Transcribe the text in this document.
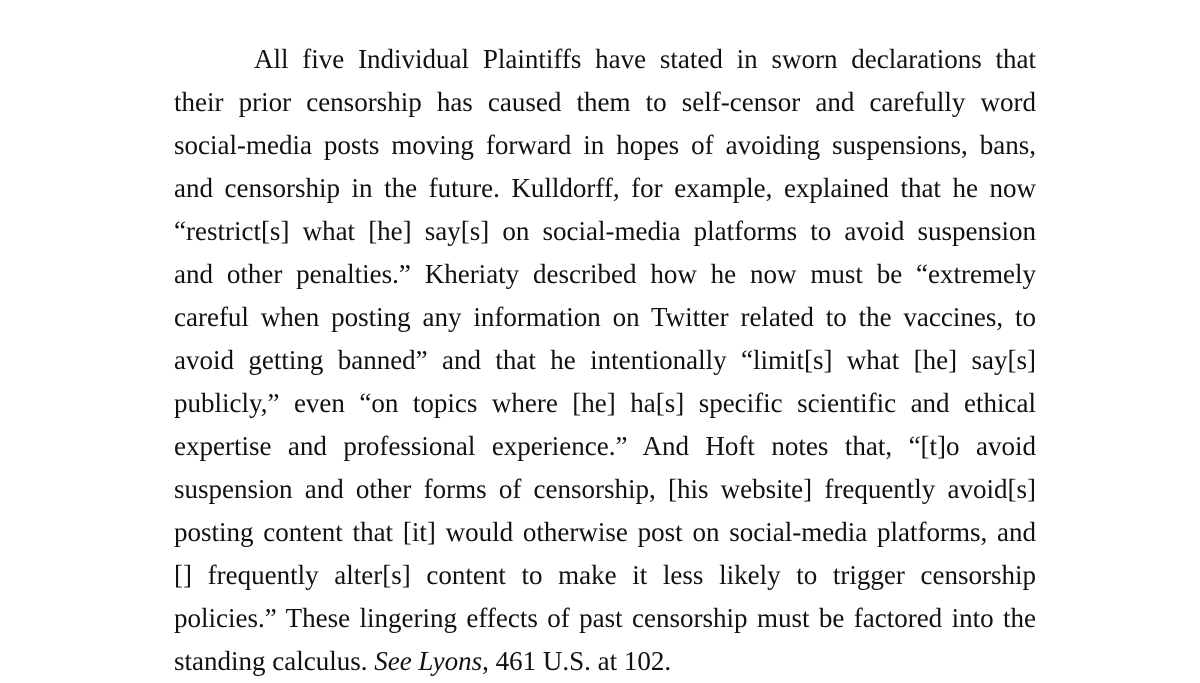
All five Individual Plaintiffs have stated in sworn declarations that
their prior censorship has caused them to self-censor and carefully word
social-media posts moving forward in hopes of avoiding suspensions, bans,
and censorship in the future. Kulldorff, for example, explained that he now
“restrict[s] what [he] say[s] on social-media platforms to avoid suspension
and other penalties.” Kheriaty described how he now must be “extremely
careful when posting any information on Twitter related to the vaccines, to
avoid getting banned” and that he intentionally “limit[s] what [he] say[s]
publicly,” even “on topics where [he] ha[s] specific scientific and ethical
expertise and professional experience.” And Hoft notes that, “[t]o avoid
suspension and other forms of censorship, [his website] frequently avoid[s]
posting content that [it] would otherwise post on social-media platforms, and
[] frequently alter[s] content to make it less likely to trigger censorship
policies.” These lingering effects of past censorship must be factored into the
standing calculus. See Lyons, 461 U.S. at 102.
